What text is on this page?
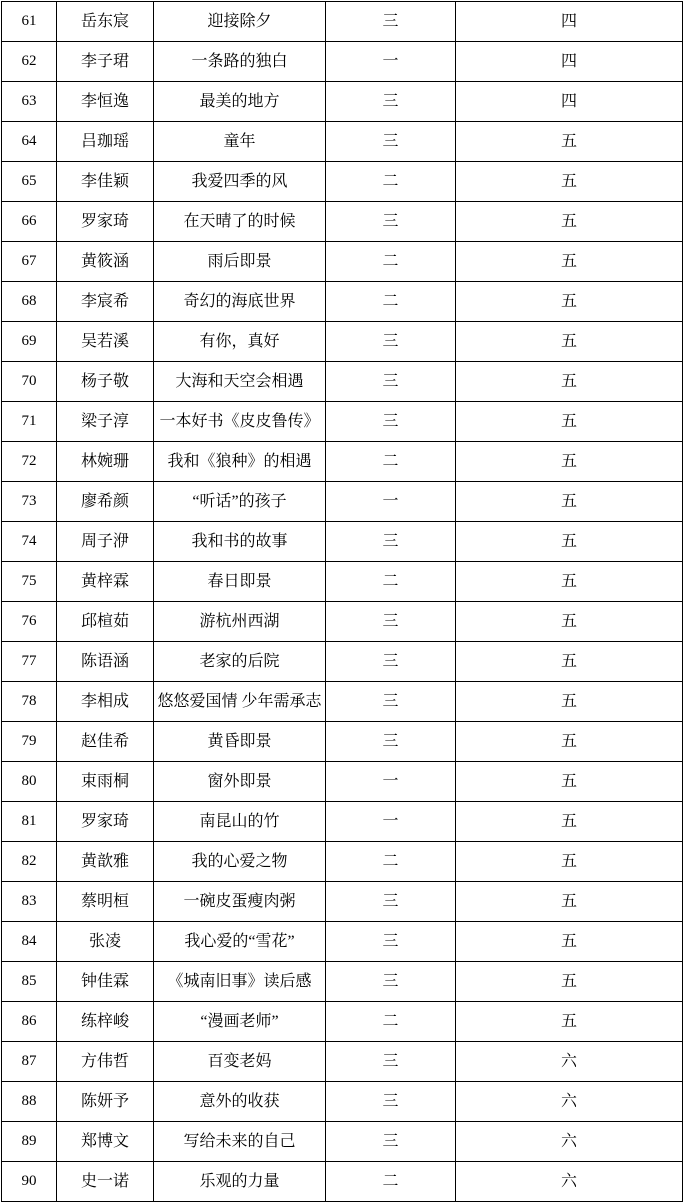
61	岳东宸	迎接除夕	三	四
62	李子珺	一条路的独白	一	四
63	李恒逸	最美的地方	三	四
64	吕珈瑶	童年	三	五
65	李佳颖	我爱四季的风	二	五
66	罗家琦	在天晴了的时候	三	五
67	黄筱涵	雨后即景	二	五
68	李宸希	奇幻的海底世界	二	五
69	吴若溪	有你，真好	三	五
70	杨子敬	大海和天空会相遇	三	五
71	梁子淳	一本好书《皮皮鲁传》	三	五
72	林婉珊	我和《狼种》的相遇	二	五
73	廖希颜	“听话”的孩子	一	五
74	周子洢	我和书的故事	三	五
75	黄梓霖	春日即景	二	五
76	邱楦茹	游杭州西湖	三	五
77	陈语涵	老家的后院	三	五
78	李相成	悠悠爱国情 少年需承志	三	五
79	赵佳希	黄昏即景	三	五
80	束雨桐	窗外即景	一	五
81	罗家琦	南昆山的竹	一	五
82	黄歆雅	我的心爱之物	二	五
83	蔡明桓	一碗皮蛋瘦肉粥	三	五
84	张凌	我心爱的“雪花”	三	五
85	钟佳霖	《城南旧事》读后感	三	五
86	练梓峻	“漫画老师”	二	五
87	方伟哲	百变老妈	三	六
88	陈妍予	意外的收获	三	六
89	郑博文	写给未来的自己	三	六
90	史一诺	乐观的力量	二	六
